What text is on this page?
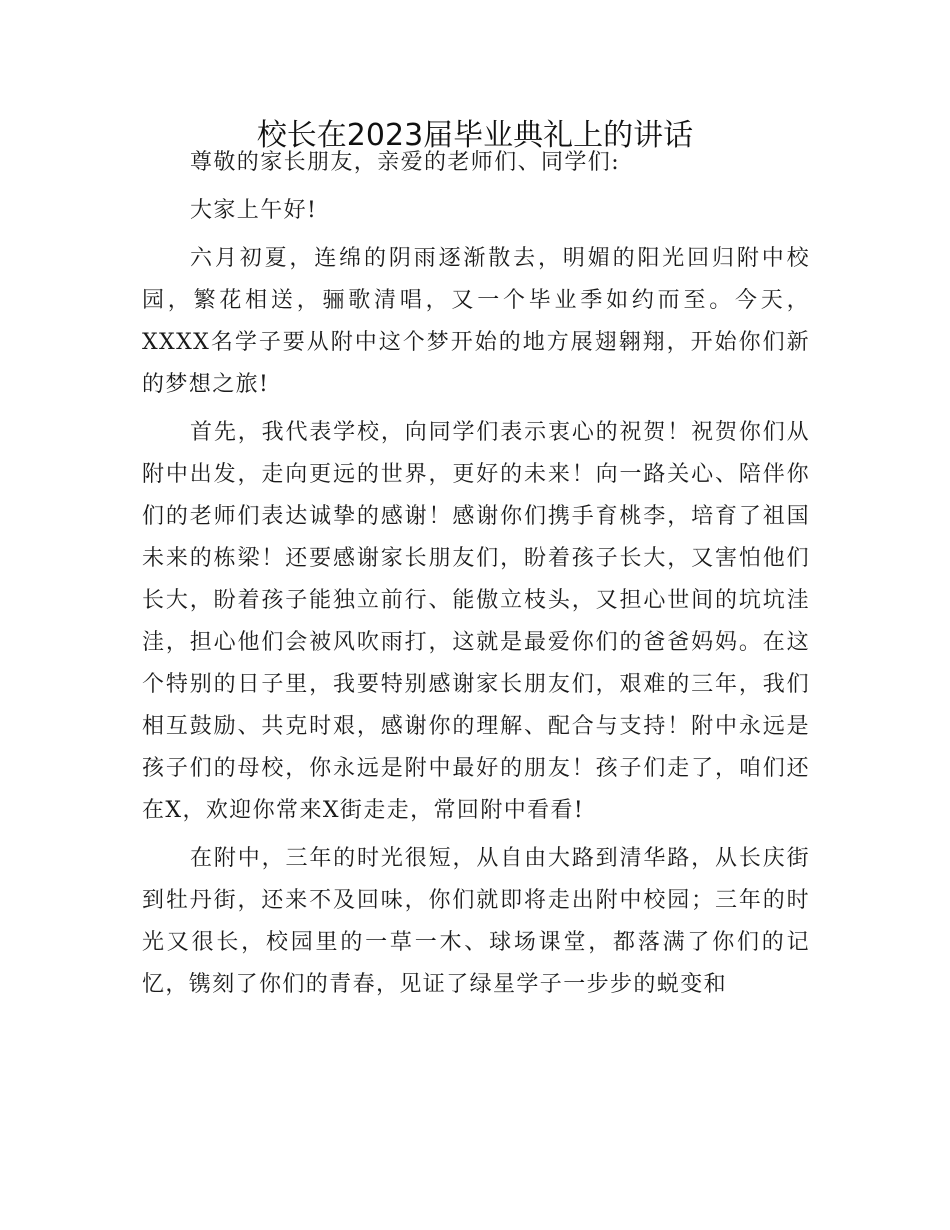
校长在2023届毕业典礼上的讲话

尊敬的家长朋友，亲爱的老师们、同学们:

大家上午好!

六月初夏，连绵的阴雨逐渐散去，明媚的阳光回归附中校园，繁花相送，骊歌清唱，又一个毕业季如约而至。今天，XXXX名学子要从附中这个梦开始的地方展翅翱翔，开始你们新的梦想之旅!

首先，我代表学校，向同学们表示衷心的祝贺！祝贺你们从附中出发，走向更远的世界，更好的未来！向一路关心、陪伴你们的老师们表达诚挚的感谢！感谢你们携手育桃李，培育了祖国未来的栋梁！还要感谢家长朋友们，盼着孩子长大，又害怕他们长大，盼着孩子能独立前行、能傲立枝头，又担心世间的坑坑洼洼，担心他们会被风吹雨打，这就是最爱你们的爸爸妈妈。在这个特别的日子里，我要特别感谢家长朋友们，艰难的三年，我们相互鼓励、共克时艰，感谢你的理解、配合与支持！附中永远是孩子们的母校，你永远是附中最好的朋友！孩子们走了，咱们还在X，欢迎你常来X街走走，常回附中看看!

在附中，三年的时光很短，从自由大路到清华路，从长庆街到牡丹街，还来不及回味，你们就即将走出附中校园；三年的时光又很长，校园里的一草一木、球场课堂，都落满了你们的记忆，镌刻了你们的青春，见证了绿星学子一步步的蜕变和
